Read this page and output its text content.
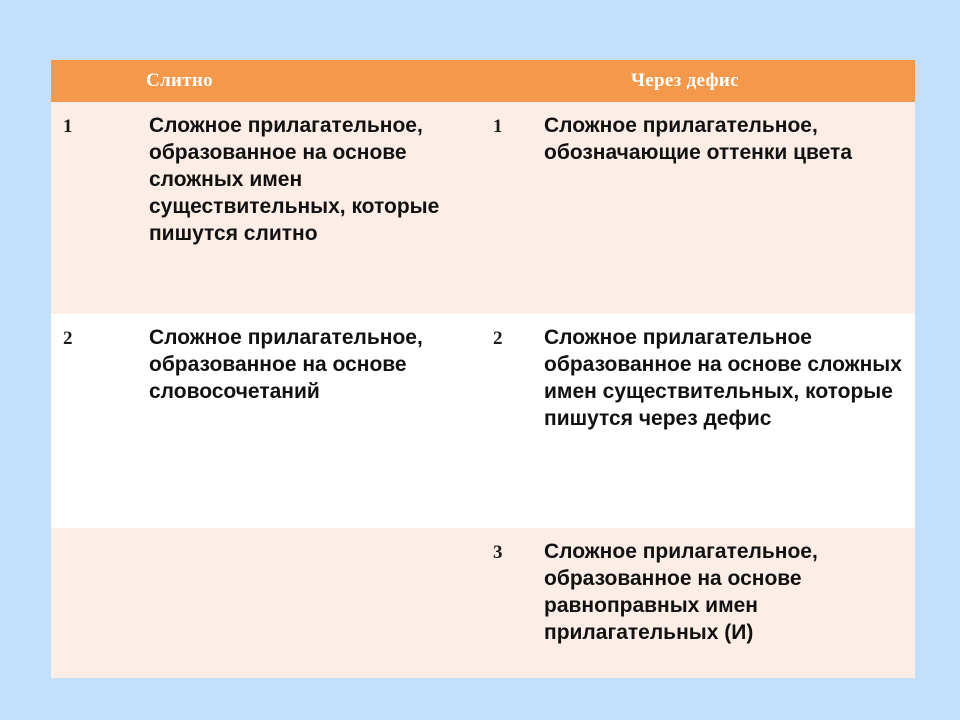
Слитно		Через дефис	
1	Сложное прилагательное, образованное на основе сложных имен существительных, которые пишутся слитно	1	Сложное прилагательное, обозначающие оттенки цвета
2	Сложное прилагательное, образованное на основе словосочетаний	2	Сложное прилагательное образованное на основе сложных имен существительных, которые пишутся через дефис
		3	Сложное прилагательное, образованное на основе равноправных имен прилагательных (И)
